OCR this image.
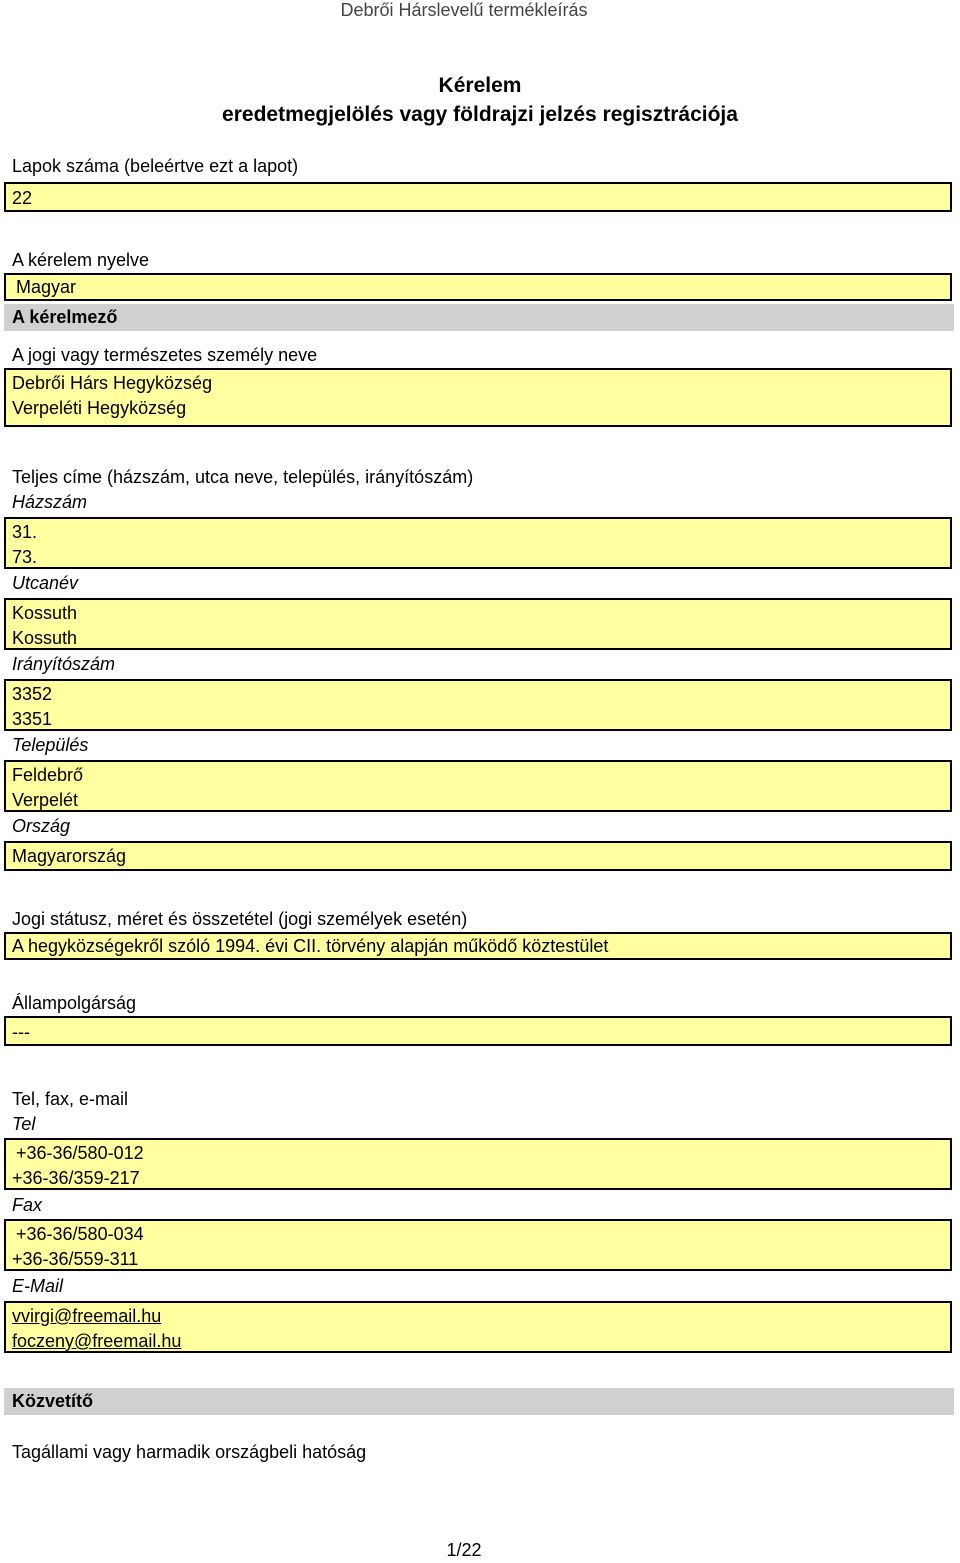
Debrői Hárslevelű termékleírás
Kérelem
eredetmegjelölés vagy földrajzi jelzés regisztrációja
Lapok száma (beleértve ezt a lapot)
22
A kérelem nyelve
Magyar
A kérelmező
A jogi vagy természetes személy neve
Debrői Hárs Hegyközség
Verpeléti Hegyközség
Teljes címe (házszám, utca neve, település, irányítószám)
Házszám
31.
73.
Utcanév
Kossuth
Kossuth
Irányítószám
3352
3351
Település
Feldebrő
Verpelét
Ország
Magyarország
Jogi státusz, méret és összetétel (jogi személyek esetén)
A hegyközségekről szóló 1994. évi CII. törvény alapján működő köztestület
Állampolgárság
---
Tel, fax, e-mail
Tel
+36-36/580-012
+36-36/359-217
Fax
+36-36/580-034
+36-36/559-311
E-Mail
vvirgi@freemail.hu
foczeny@freemail.hu
Közvetítő
Tagállami vagy harmadik országbeli hatóság
1/22
